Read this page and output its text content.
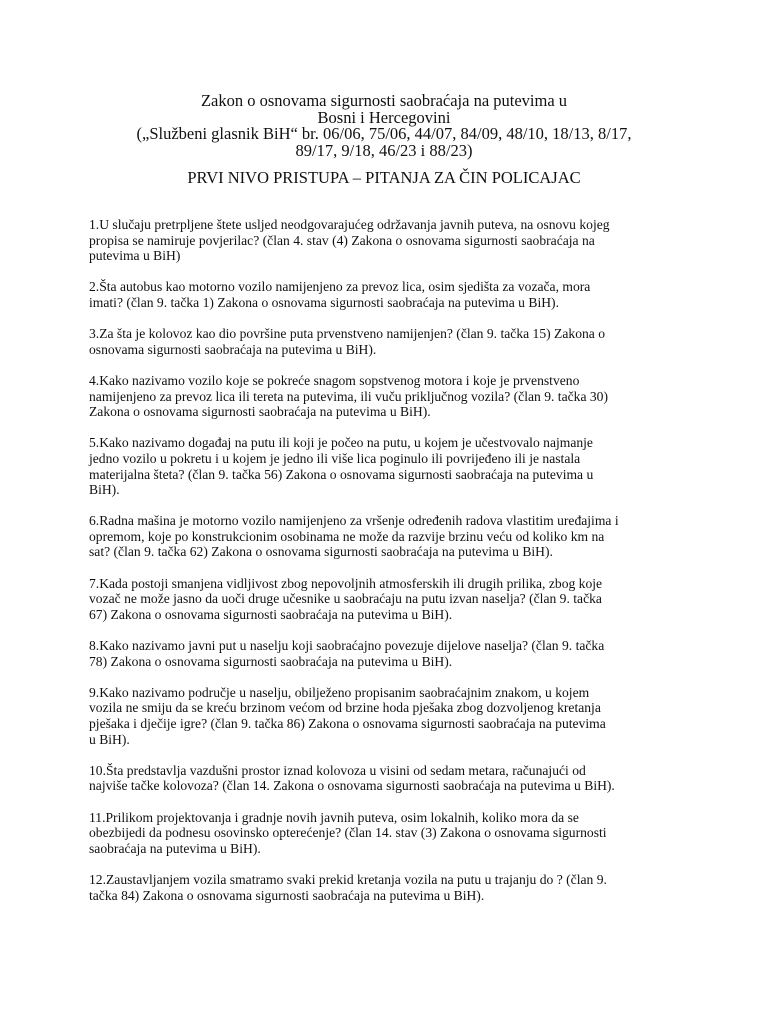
Zakon o osnovama sigurnosti saobraćaja na putevima u
Bosni i Hercegovini
(„Službeni glasnik BiH“ br. 06/06, 75/06, 44/07, 84/09, 48/10, 18/13, 8/17,
89/17, 9/18, 46/23 i 88/23)
PRVI NIVO PRISTUPA – PITANJA ZA ČIN POLICAJAC
1.U slučaju pretrpljene štete usljed neodgovarajućeg održavanja javnih puteva, na osnovu kojeg
propisa se namiruje povjerilac? (član 4. stav (4) Zakona o osnovama sigurnosti saobraćaja na
putevima u BiH)
2.Šta autobus kao motorno vozilo namijenjeno za prevoz lica, osim sjedišta za vozača, mora
imati? (član 9. tačka 1) Zakona o osnovama sigurnosti saobraćaja na putevima u BiH).
3.Za šta je kolovoz kao dio površine puta prvenstveno namijenjen? (član 9. tačka 15) Zakona o
osnovama sigurnosti saobraćaja na putevima u BiH).
4.Kako nazivamo vozilo koje se pokreće snagom sopstvenog motora i koje je prvenstveno
namijenjeno za prevoz lica ili tereta na putevima, ili vuču priključnog vozila? (član 9. tačka 30)
Zakona o osnovama sigurnosti saobraćaja na putevima u BiH).
5.Kako nazivamo događaj na putu ili koji je počeo na putu, u kojem je učestvovalo najmanje
jedno vozilo u pokretu i u kojem je jedno ili više lica poginulo ili povrijeđeno ili je nastala
materijalna šteta? (član 9. tačka 56) Zakona o osnovama sigurnosti saobraćaja na putevima u
BiH).
6.Radna mašina je motorno vozilo namijenjeno za vršenje određenih radova vlastitim uređajima i
opremom, koje po konstrukcionim osobinama ne može da razvije brzinu veću od koliko km na
sat? (član 9. tačka 62) Zakona o osnovama sigurnosti saobraćaja na putevima u BiH).
7.Kada postoji smanjena vidljivost zbog nepovoljnih atmosferskih ili drugih prilika, zbog koje
vozač ne može jasno da uoči druge učesnike u saobraćaju na putu izvan naselja? (član 9. tačka
67) Zakona o osnovama sigurnosti saobraćaja na putevima u BiH).
8.Kako nazivamo javni put u naselju koji saobraćajno povezuje dijelove naselja? (član 9. tačka
78) Zakona o osnovama sigurnosti saobraćaja na putevima u BiH).
9.Kako nazivamo područje u naselju, obilježeno propisanim saobraćajnim znakom, u kojem
vozila ne smiju da se kreću brzinom većom od brzine hoda pješaka zbog dozvoljenog kretanja
pješaka i dječije igre? (član 9. tačka 86) Zakona o osnovama sigurnosti saobraćaja na putevima
u BiH).
10.Šta predstavlja vazdušni prostor iznad kolovoza u visini od sedam metara, računajući od
najviše tačke kolovoza? (član 14. Zakona o osnovama sigurnosti saobraćaja na putevima u BiH).
11.Prilikom projektovanja i gradnje novih javnih puteva, osim lokalnih, koliko mora da se
obezbijedi da podnesu osovinsko opterećenje? (član 14. stav (3) Zakona o osnovama sigurnosti
saobraćaja na putevima u BiH).
12.Zaustavljanjem vozila smatramo svaki prekid kretanja vozila na putu u trajanju do ? (član 9.
tačka 84) Zakona o osnovama sigurnosti saobraćaja na putevima u BiH).
